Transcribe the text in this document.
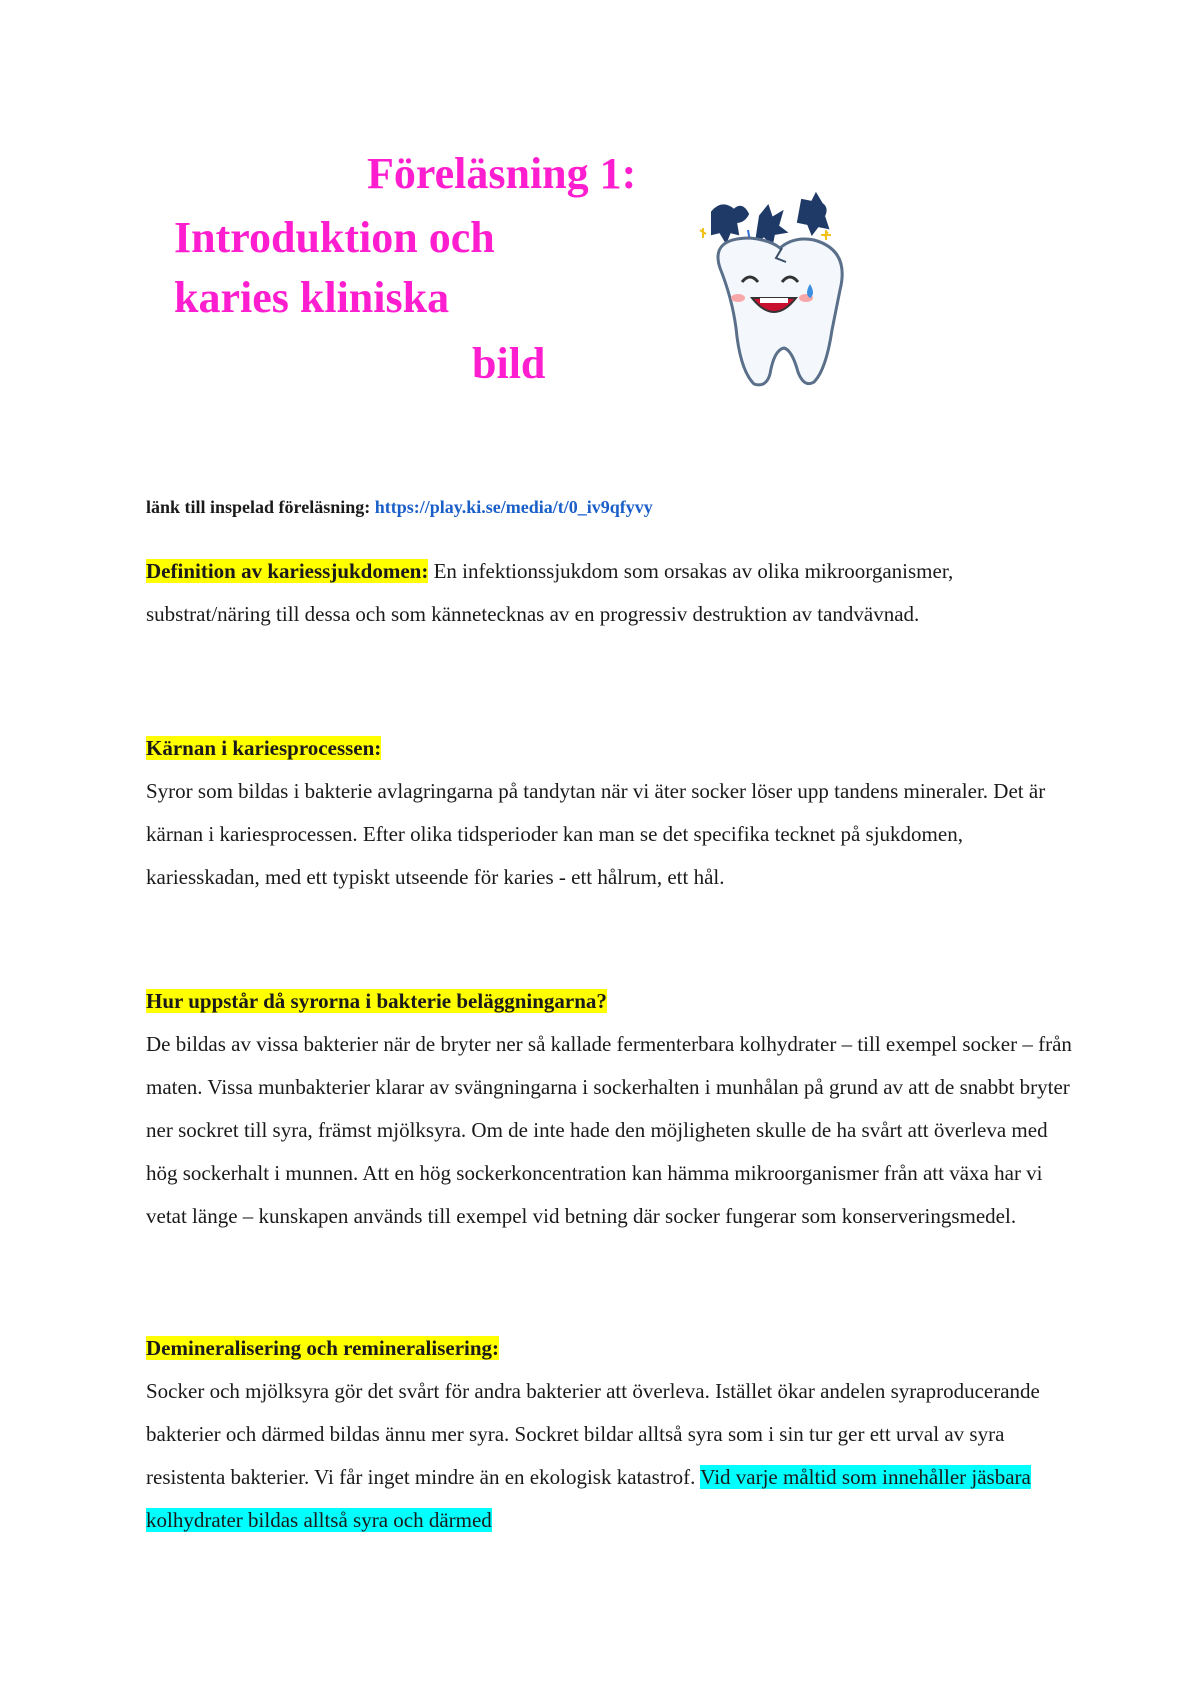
Föreläsning 1:
Introduktion och
karies kliniska
bild

länk till inspelad föreläsning: https://play.ki.se/media/t/0_iv9qfyvy

Definition av kariessjukdomen: En infektionssjukdom som orsakas av olika mikroorganismer, substrat/näring till dessa och som kännetecknas av en progressiv destruktion av tandvävnad.

Kärnan i kariesprocessen:

Syror som bildas i bakterie avlagringarna på tandytan när vi äter socker löser upp tandens mineraler. Det är kärnan i kariesprocessen. Efter olika tidsperioder kan man se det specifika tecknet på sjukdomen, kariesskadan, med ett typiskt utseende för karies - ett hålrum, ett hål.

Hur uppstår då syrorna i bakterie beläggningarna?

De bildas av vissa bakterier när de bryter ner så kallade fermenterbara kolhydrater – till exempel socker – från maten. Vissa munbakterier klarar av svängningarna i sockerhalten i munhålan på grund av att de snabbt bryter ner sockret till syra, främst mjölksyra. Om de inte hade den möjligheten skulle de ha svårt att överleva med hög sockerhalt i munnen. Att en hög sockerkoncentration kan hämma mikroorganismer från att växa har vi vetat länge – kunskapen används till exempel vid betning där socker fungerar som konserveringsmedel.

Demineralisering och remineralisering:

Socker och mjölksyra gör det svårt för andra bakterier att överleva. Istället ökar andelen syraproducerande bakterier och därmed bildas ännu mer syra. Sockret bildar alltså syra som i sin tur ger ett urval av syra resistenta bakterier. Vi får inget mindre än en ekologisk katastrof. Vid varje måltid som innehåller jäsbara kolhydrater bildas alltså syra och därmed
